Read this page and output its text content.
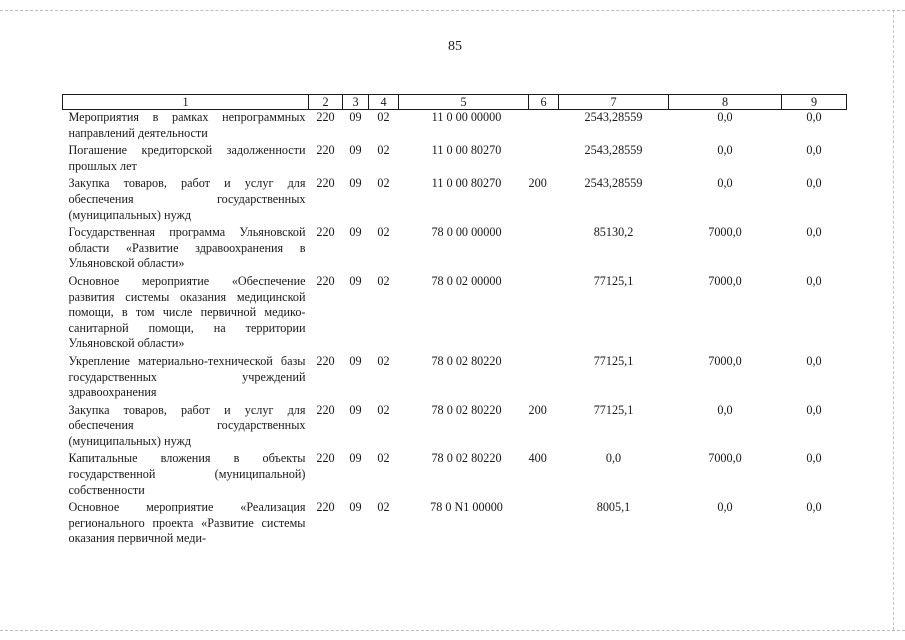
85
1	2	3	4	5	6	7	8	9
Мероприятия в рамках непрограммных направлений деятельности	220	09	02	11 0 00 00000		2543,28559	0,0	0,0
Погашение кредиторской задолженности прошлых лет	220	09	02	11 0 00 80270		2543,28559	0,0	0,0
Закупка товаров, работ и услуг для обеспечения государственных (муниципальных) нужд	220	09	02	11 0 00 80270	200	2543,28559	0,0	0,0
Государственная программа Ульяновской области «Развитие здравоохранения в Ульяновской области»	220	09	02	78 0 00 00000		85130,2	7000,0	0,0
Основное мероприятие «Обеспечение развития системы оказания медицинской помощи, в том числе первичной медико-санитарной помощи, на территории Ульяновской области»	220	09	02	78 0 02 00000		77125,1	7000,0	0,0
Укрепление материально-технической базы государственных учреждений здравоохранения	220	09	02	78 0 02 80220		77125,1	7000,0	0,0
Закупка товаров, работ и услуг для обеспечения государственных (муниципальных) нужд	220	09	02	78 0 02 80220	200	77125,1	0,0	0,0
Капитальные вложения в объекты государственной (муниципальной) собственности	220	09	02	78 0 02 80220	400	0,0	7000,0	0,0
Основное мероприятие «Реализация регионального проекта «Развитие системы оказания первичной меди-	220	09	02	78 0 N1 00000		8005,1	0,0	0,0
